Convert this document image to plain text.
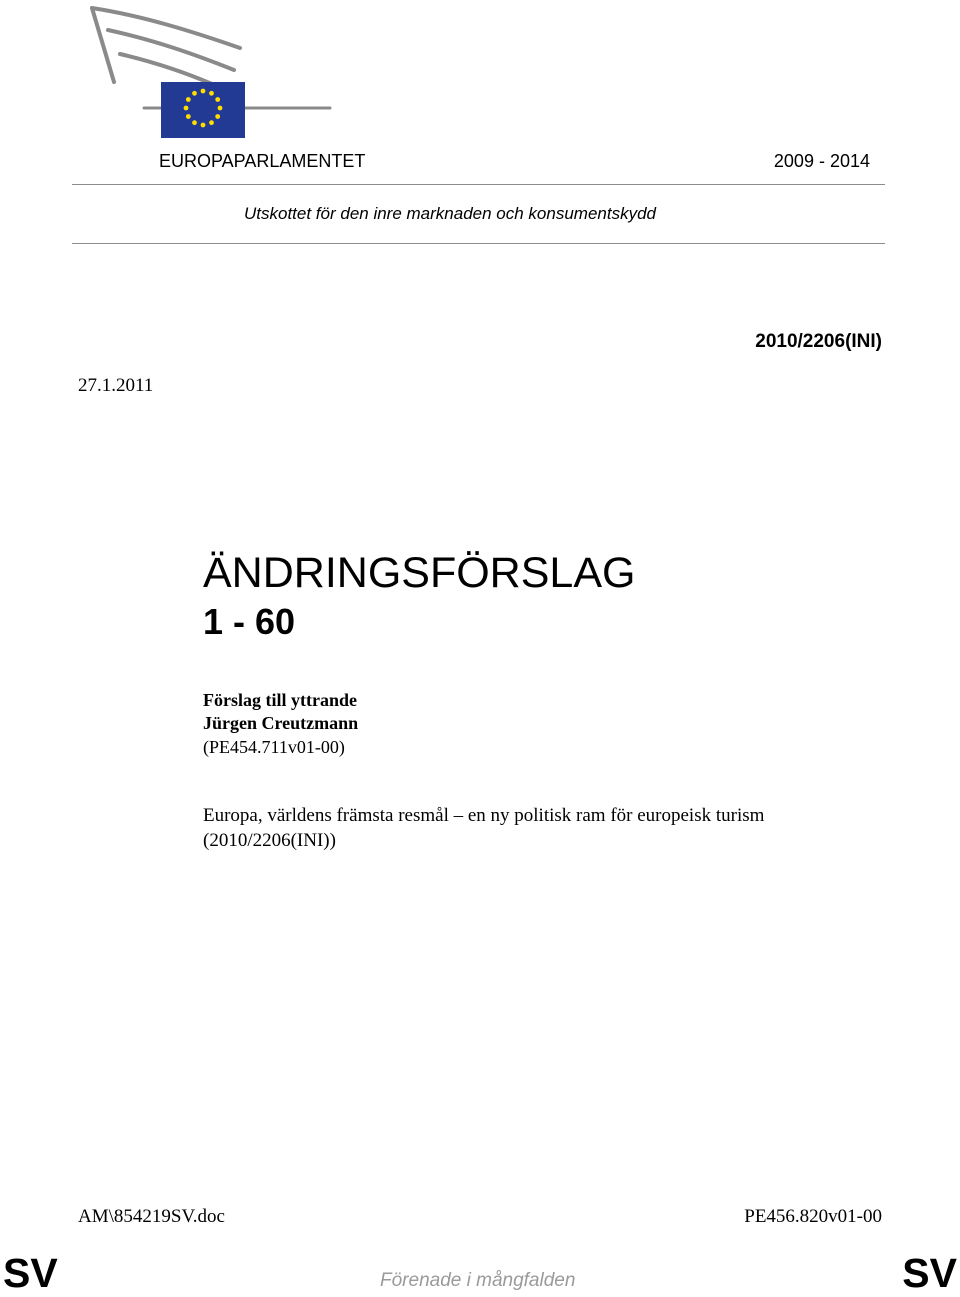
EUROPAPARLAMENTET	2009 - 2014
Utskottet för den inre marknaden och konsumentskydd
2010/2206(INI)
27.1.2011
ÄNDRINGSFÖRSLAG
1 - 60
Förslag till yttrande
Jürgen Creutzmann
(PE454.711v01-00)
Europa, världens främsta resmål – en ny politisk ram för europeisk turism
(2010/2206(INI))
AM\854219SV.doc	PE456.820v01-00
SV	Förenade i mångfalden	SV
